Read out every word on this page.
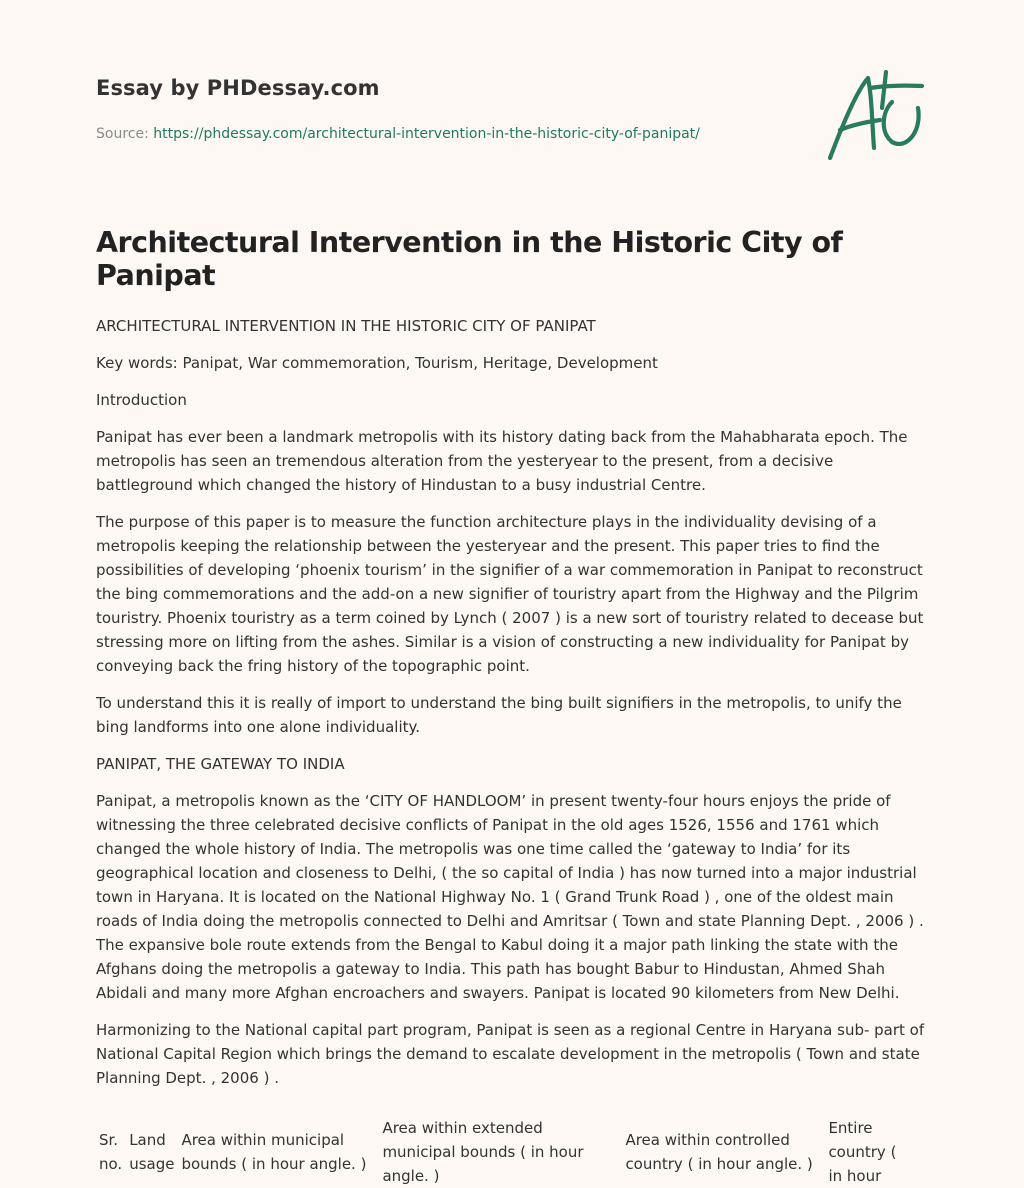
Essay by PHDessay.com
Source: https://phdessay.com/architectural-intervention-in-the-historic-city-of-panipat/
Architectural Intervention in the Historic City of Panipat

ARCHITECTURAL INTERVENTION IN THE HISTORIC CITY OF PANIPAT

Key words: Panipat, War commemoration, Tourism, Heritage, Development

Introduction

Panipat has ever been a landmark metropolis with its history dating back from the Mahabharata epoch. The metropolis has seen an tremendous alteration from the yesteryear to the present, from a decisive battleground which changed the history of Hindustan to a busy industrial Centre.

The purpose of this paper is to measure the function architecture plays in the individuality devising of a metropolis keeping the relationship between the yesteryear and the present. This paper tries to find the possibilities of developing ‘phoenix tourism’ in the signifier of a war commemoration in Panipat to reconstruct the bing commemorations and the add-on a new signifier of touristry apart from the Highway and the Pilgrim touristry. Phoenix touristry as a term coined by Lynch ( 2007 ) is a new sort of touristry related to decease but stressing more on lifting from the ashes. Similar is a vision of constructing a new individuality for Panipat by conveying back the fring history of the topographic point.

To understand this it is really of import to understand the bing built signifiers in the metropolis, to unify the bing landforms into one alone individuality.

PANIPAT, THE GATEWAY TO INDIA

Panipat, a metropolis known as the ‘CITY OF HANDLOOM’ in present twenty-four hours enjoys the pride of witnessing the three celebrated decisive conflicts of Panipat in the old ages 1526, 1556 and 1761 which changed the whole history of India. The metropolis was one time called the ‘gateway to India’ for its geographical location and closeness to Delhi, ( the so capital of India ) has now turned into a major industrial town in Haryana. It is located on the National Highway No. 1 ( Grand Trunk Road ) , one of the oldest main roads of India doing the metropolis connected to Delhi and Amritsar ( Town and state Planning Dept. , 2006 ) . The expansive bole route extends from the Bengal to Kabul doing it a major path linking the state with the Afghans doing the metropolis a gateway to India. This path has bought Babur to Hindustan, Ahmed Shah Abidali and many more Afghan encroachers and swayers. Panipat is located 90 kilometers from New Delhi.

Harmonizing to the National capital part program, Panipat is seen as a regional Centre in Haryana sub- part of National Capital Region which brings the demand to escalate development in the metropolis ( Town and state Planning Dept. , 2006 ) .

Sr. no.	Land usage	Area within municipal bounds ( in hour angle. )	Area within extended municipal bounds ( in hour angle. )	Area within controlled country ( in hour angle. )	Entire country ( in hour
